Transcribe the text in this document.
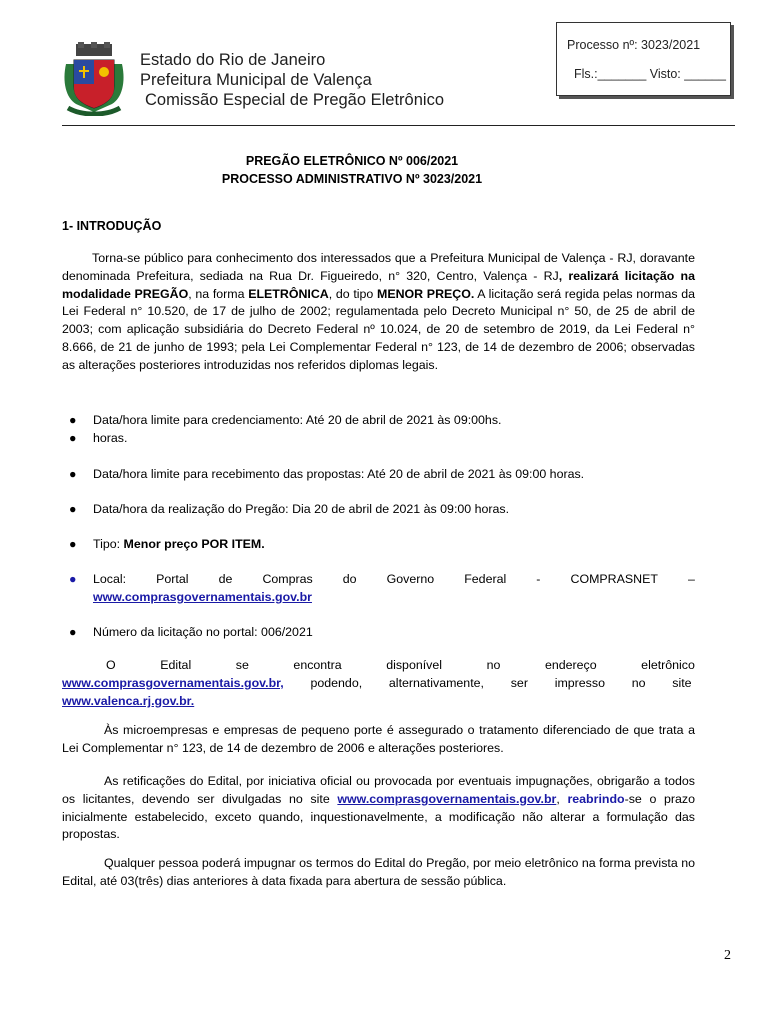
Estado do Rio de Janeiro
Prefeitura Municipal de Valença
Comissão Especial de Pregão Eletrônico
Processo nº: 3023/2021
Fls.:_______ Visto: ______
PREGÃO ELETRÔNICO Nº 006/2021
PROCESSO ADMINISTRATIVO Nº 3023/2021
1- INTRODUÇÃO
Torna-se público para conhecimento dos interessados que a Prefeitura Municipal de Valença - RJ, doravante denominada Prefeitura, sediada na Rua Dr. Figueiredo, n° 320, Centro, Valença - RJ, realizará licitação na modalidade PREGÃO, na forma ELETRÔNICA, do tipo MENOR PREÇO. A licitação será regida pelas normas da Lei Federal n° 10.520, de 17 de julho de 2002; regulamentada pelo Decreto Municipal n° 50, de 25 de abril de 2003; com aplicação subsidiária do Decreto Federal nº 10.024, de 20 de setembro de 2019, da Lei Federal n° 8.666, de 21 de junho de 1993; pela Lei Complementar Federal n° 123, de 14 de dezembro de 2006; observadas as alterações posteriores introduzidas nos referidos diplomas legais.
● Data/hora limite para credenciamento: Até 20 de abril de 2021 às 09:00hs.
● horas.
● Data/hora limite para recebimento das propostas: Até 20 de abril de 2021 às 09:00 horas.
● Data/hora da realização do Pregão: Dia 20 de abril de 2021 às 09:00 horas.
● Tipo: Menor preço POR ITEM.
● Local: Portal de Compras do Governo Federal - COMPRASNET –
www.comprasgovernamentais.gov.br
● Número da licitação no portal: 006/2021
O	Edital	se	encontra	disponível	no	endereço	eletrônico
www.comprasgovernamentais.gov.br, podendo, alternativamente, ser impresso no site
www.valenca.rj.gov.br.
Às microempresas e empresas de pequeno porte é assegurado o tratamento diferenciado de que trata a Lei Complementar n° 123, de 14 de dezembro de 2006 e alterações posteriores.
As retificações do Edital, por iniciativa oficial ou provocada por eventuais impugnações, obrigarão a todos os licitantes, devendo ser divulgadas no site www.comprasgovernamentais.gov.br, reabrindo-se o prazo inicialmente estabelecido, exceto quando, inquestionavelmente, a modificação não alterar a formulação das propostas.
Qualquer pessoa poderá impugnar os termos do Edital do Pregão, por meio eletrônico na forma prevista no Edital, até 03(três) dias anteriores à data fixada para abertura de sessão pública.
2
